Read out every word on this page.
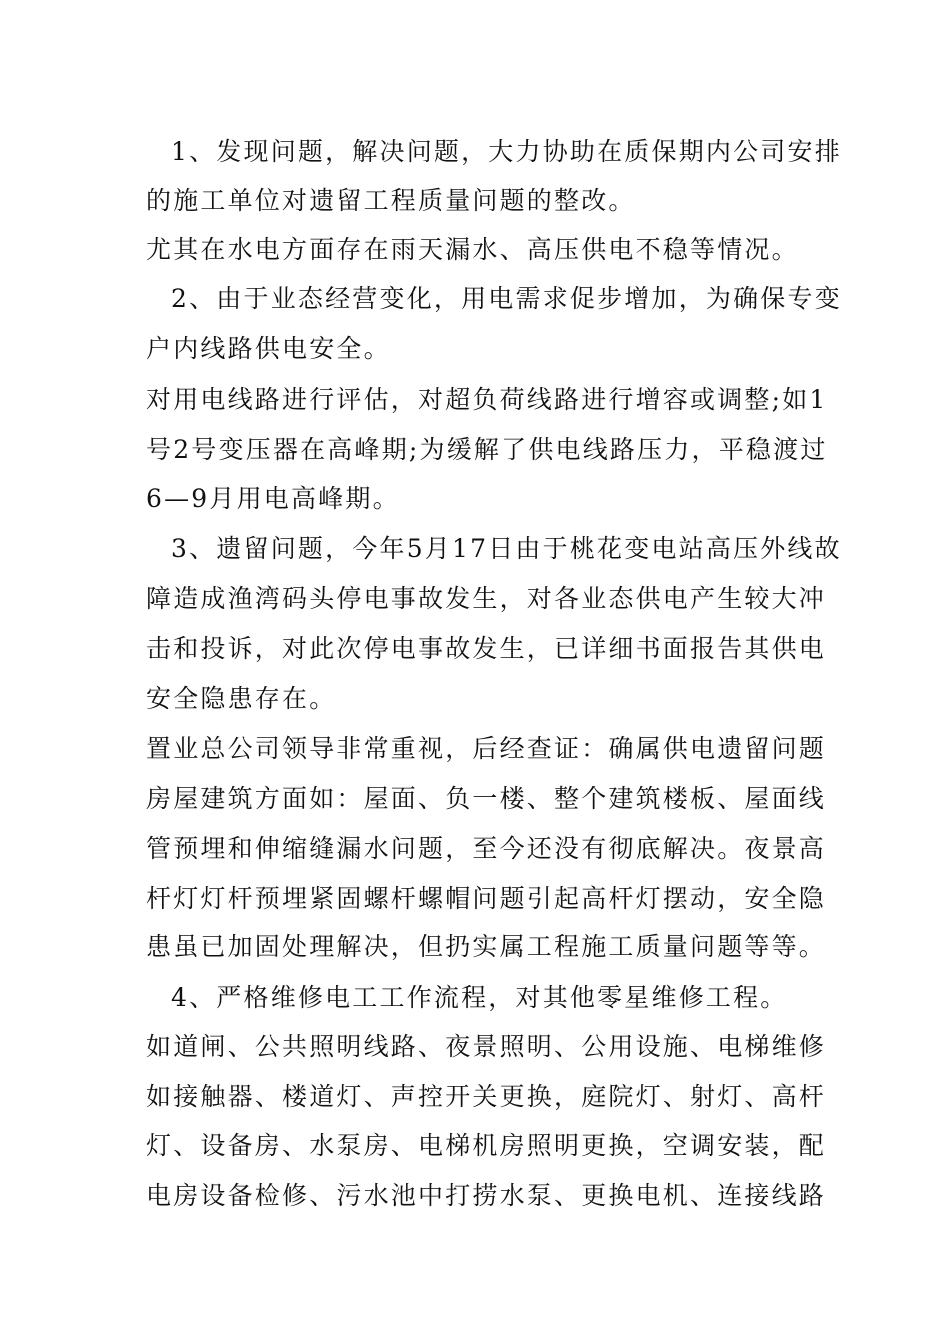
1、发现问题，解决问题，大力协助在质保期内公司安排
的施工单位对遗留工程质量问题的整改。
尤其在水电方面存在雨天漏水、高压供电不稳等情况。
2、由于业态经营变化，用电需求促步增加，为确保专变
户内线路供电安全。
对用电线路进行评估，对超负荷线路进行增容或调整;如1
号2号变压器在高峰期;为缓解了供电线路压力，平稳渡过
6—9月用电高峰期。
3、遗留问题，今年5月17日由于桃花变电站高压外线故
障造成渔湾码头停电事故发生，对各业态供电产生较大冲
击和投诉，对此次停电事故发生，已详细书面报告其供电
安全隐患存在。
置业总公司领导非常重视，后经查证：确属供电遗留问题
房屋建筑方面如：屋面、负一楼、整个建筑楼板、屋面线
管预埋和伸缩缝漏水问题，至今还没有彻底解决。夜景高
杆灯灯杆预埋紧固螺杆螺帽问题引起高杆灯摆动，安全隐
患虽已加固处理解决，但扔实属工程施工质量问题等等。
4、严格维修电工工作流程，对其他零星维修工程。
如道闸、公共照明线路、夜景照明、公用设施、电梯维修
如接触器、楼道灯、声控开关更换，庭院灯、射灯、高杆
灯、设备房、水泵房、电梯机房照明更换，空调安装，配
电房设备检修、污水池中打捞水泵、更换电机、连接线路
